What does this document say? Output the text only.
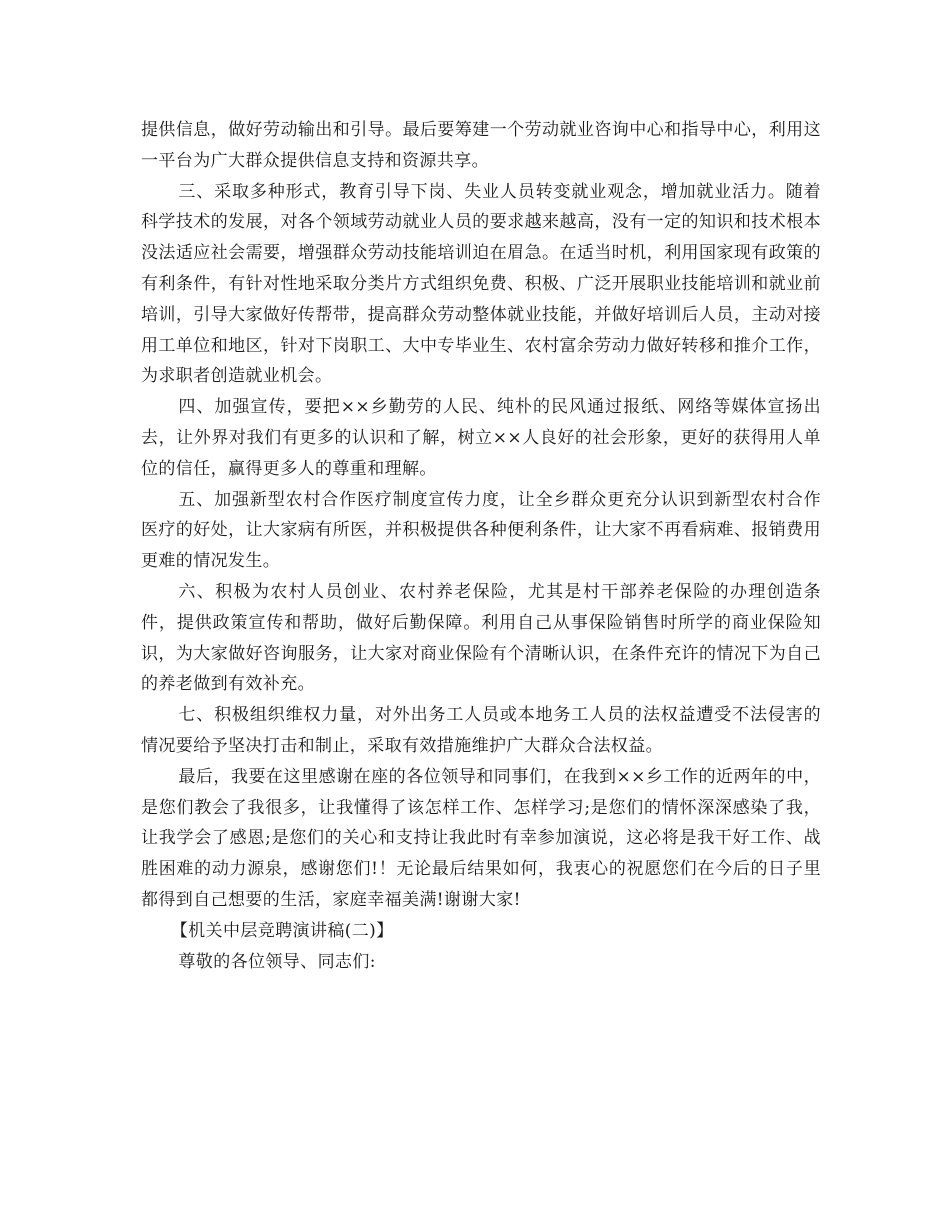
提供信息，做好劳动输出和引导。最后要筹建一个劳动就业咨询中心和指导中心，利用这一平台为广大群众提供信息支持和资源共享。

三、采取多种形式，教育引导下岗、失业人员转变就业观念，增加就业活力。随着科学技术的发展，对各个领域劳动就业人员的要求越来越高，没有一定的知识和技术根本没法适应社会需要，增强群众劳动技能培训迫在眉急。在适当时机，利用国家现有政策的有利条件，有针对性地采取分类片方式组织免费、积极、广泛开展职业技能培训和就业前培训，引导大家做好传帮带，提高群众劳动整体就业技能，并做好培训后人员，主动对接用工单位和地区，针对下岗职工、大中专毕业生、农村富余劳动力做好转移和推介工作，为求职者创造就业机会。

四、加强宣传，要把××乡勤劳的人民、纯朴的民风通过报纸、网络等媒体宣扬出去，让外界对我们有更多的认识和了解，树立××人良好的社会形象，更好的获得用人单位的信任，赢得更多人的尊重和理解。

五、加强新型农村合作医疗制度宣传力度，让全乡群众更充分认识到新型农村合作医疗的好处，让大家病有所医，并积极提供各种便利条件，让大家不再看病难、报销费用更难的情况发生。

六、积极为农村人员创业、农村养老保险，尤其是村干部养老保险的办理创造条件，提供政策宣传和帮助，做好后勤保障。利用自己从事保险销售时所学的商业保险知识，为大家做好咨询服务，让大家对商业保险有个清晰认识，在条件充许的情况下为自己的养老做到有效补充。

七、积极组织维权力量，对外出务工人员或本地务工人员的法权益遭受不法侵害的情况要给予坚决打击和制止，采取有效措施维护广大群众合法权益。

最后，我要在这里感谢在座的各位领导和同事们，在我到××乡工作的近两年的中，是您们教会了我很多，让我懂得了该怎样工作、怎样学习;是您们的情怀深深感染了我，让我学会了感恩;是您们的关心和支持让我此时有幸参加演说，这必将是我干好工作、战胜困难的动力源泉，感谢您们!！无论最后结果如何，我衷心的祝愿您们在今后的日子里都得到自己想要的生活，家庭幸福美满!谢谢大家!

【机关中层竞聘演讲稿(二)】

尊敬的各位领导、同志们:
